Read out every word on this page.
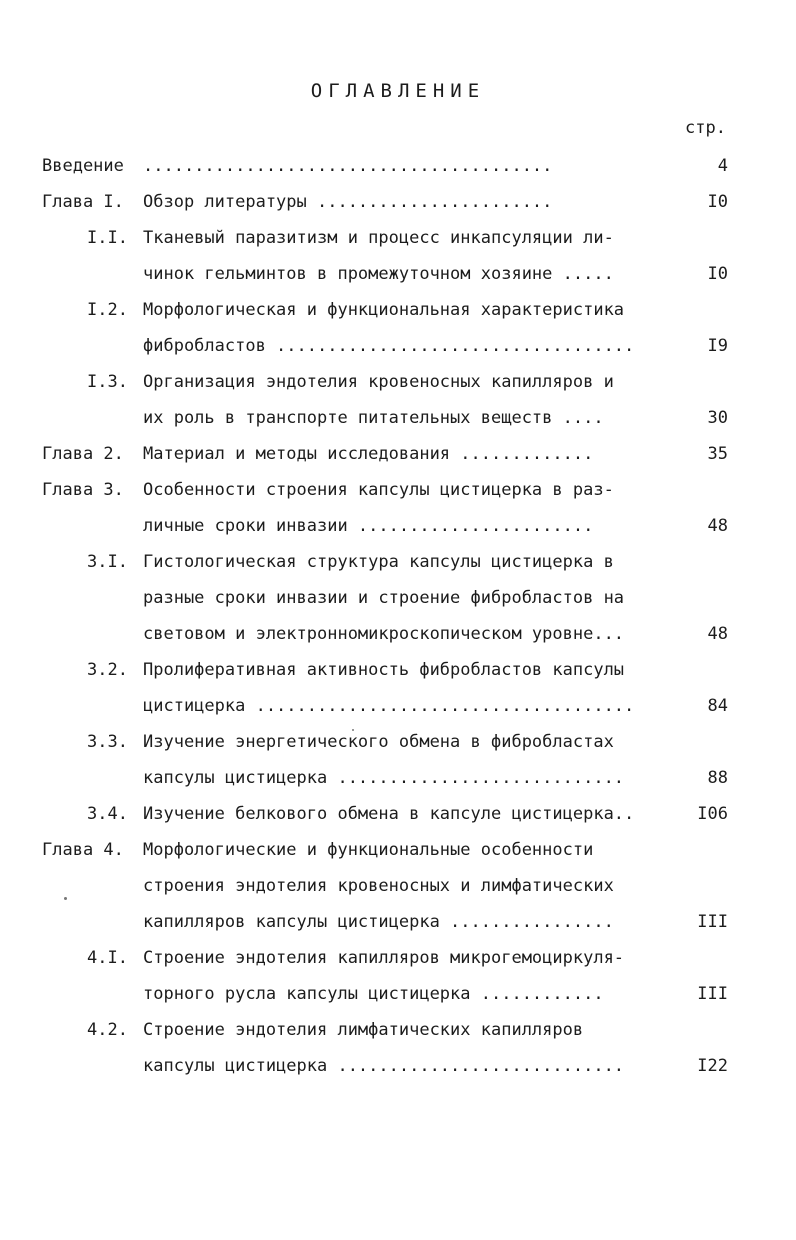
ОГЛАВЛЕНИЕ
стр.
Введение ........................................	4
Глава I. Обзор литературы .......................	I0
I.I. Тканевый паразитизм и процесс инкапсуляции ли-
чинок гельминтов в промежуточном хозяине .....	I0
I.2. Морфологическая и функциональная характеристика
фибробластов ...................................	I9
I.3. Организация эндотелия кровеносных капилляров и
их роль в транспорте питательных веществ ....	30
Глава 2. Материал и методы исследования .............	35
Глава 3. Особенности строения капсулы цистицерка в раз-
личные сроки инвазии .......................	48
3.I. Гистологическая структура капсулы цистицерка в
разные сроки инвазии и строение фибробластов на
световом и электронномикроскопическом уровне...	48
3.2. Пролиферативная активность фибробластов капсулы
цистицерка .....................................	84
3.3. Изучение энергетического обмена в фибробластах
капсулы цистицерка ............................	88
3.4. Изучение белкового обмена в капсуле цистицерка..	I06
Глава 4. Морфологические и функциональные особенности
строения эндотелия кровеносных и лимфатических
капилляров капсулы цистицерка ................	III
4.I. Строение эндотелия капилляров микрогемоциркуля-
торного русла капсулы цистицерка ............	III
4.2. Строение эндотелия лимфатических капилляров
капсулы цистицерка ............................	I22
